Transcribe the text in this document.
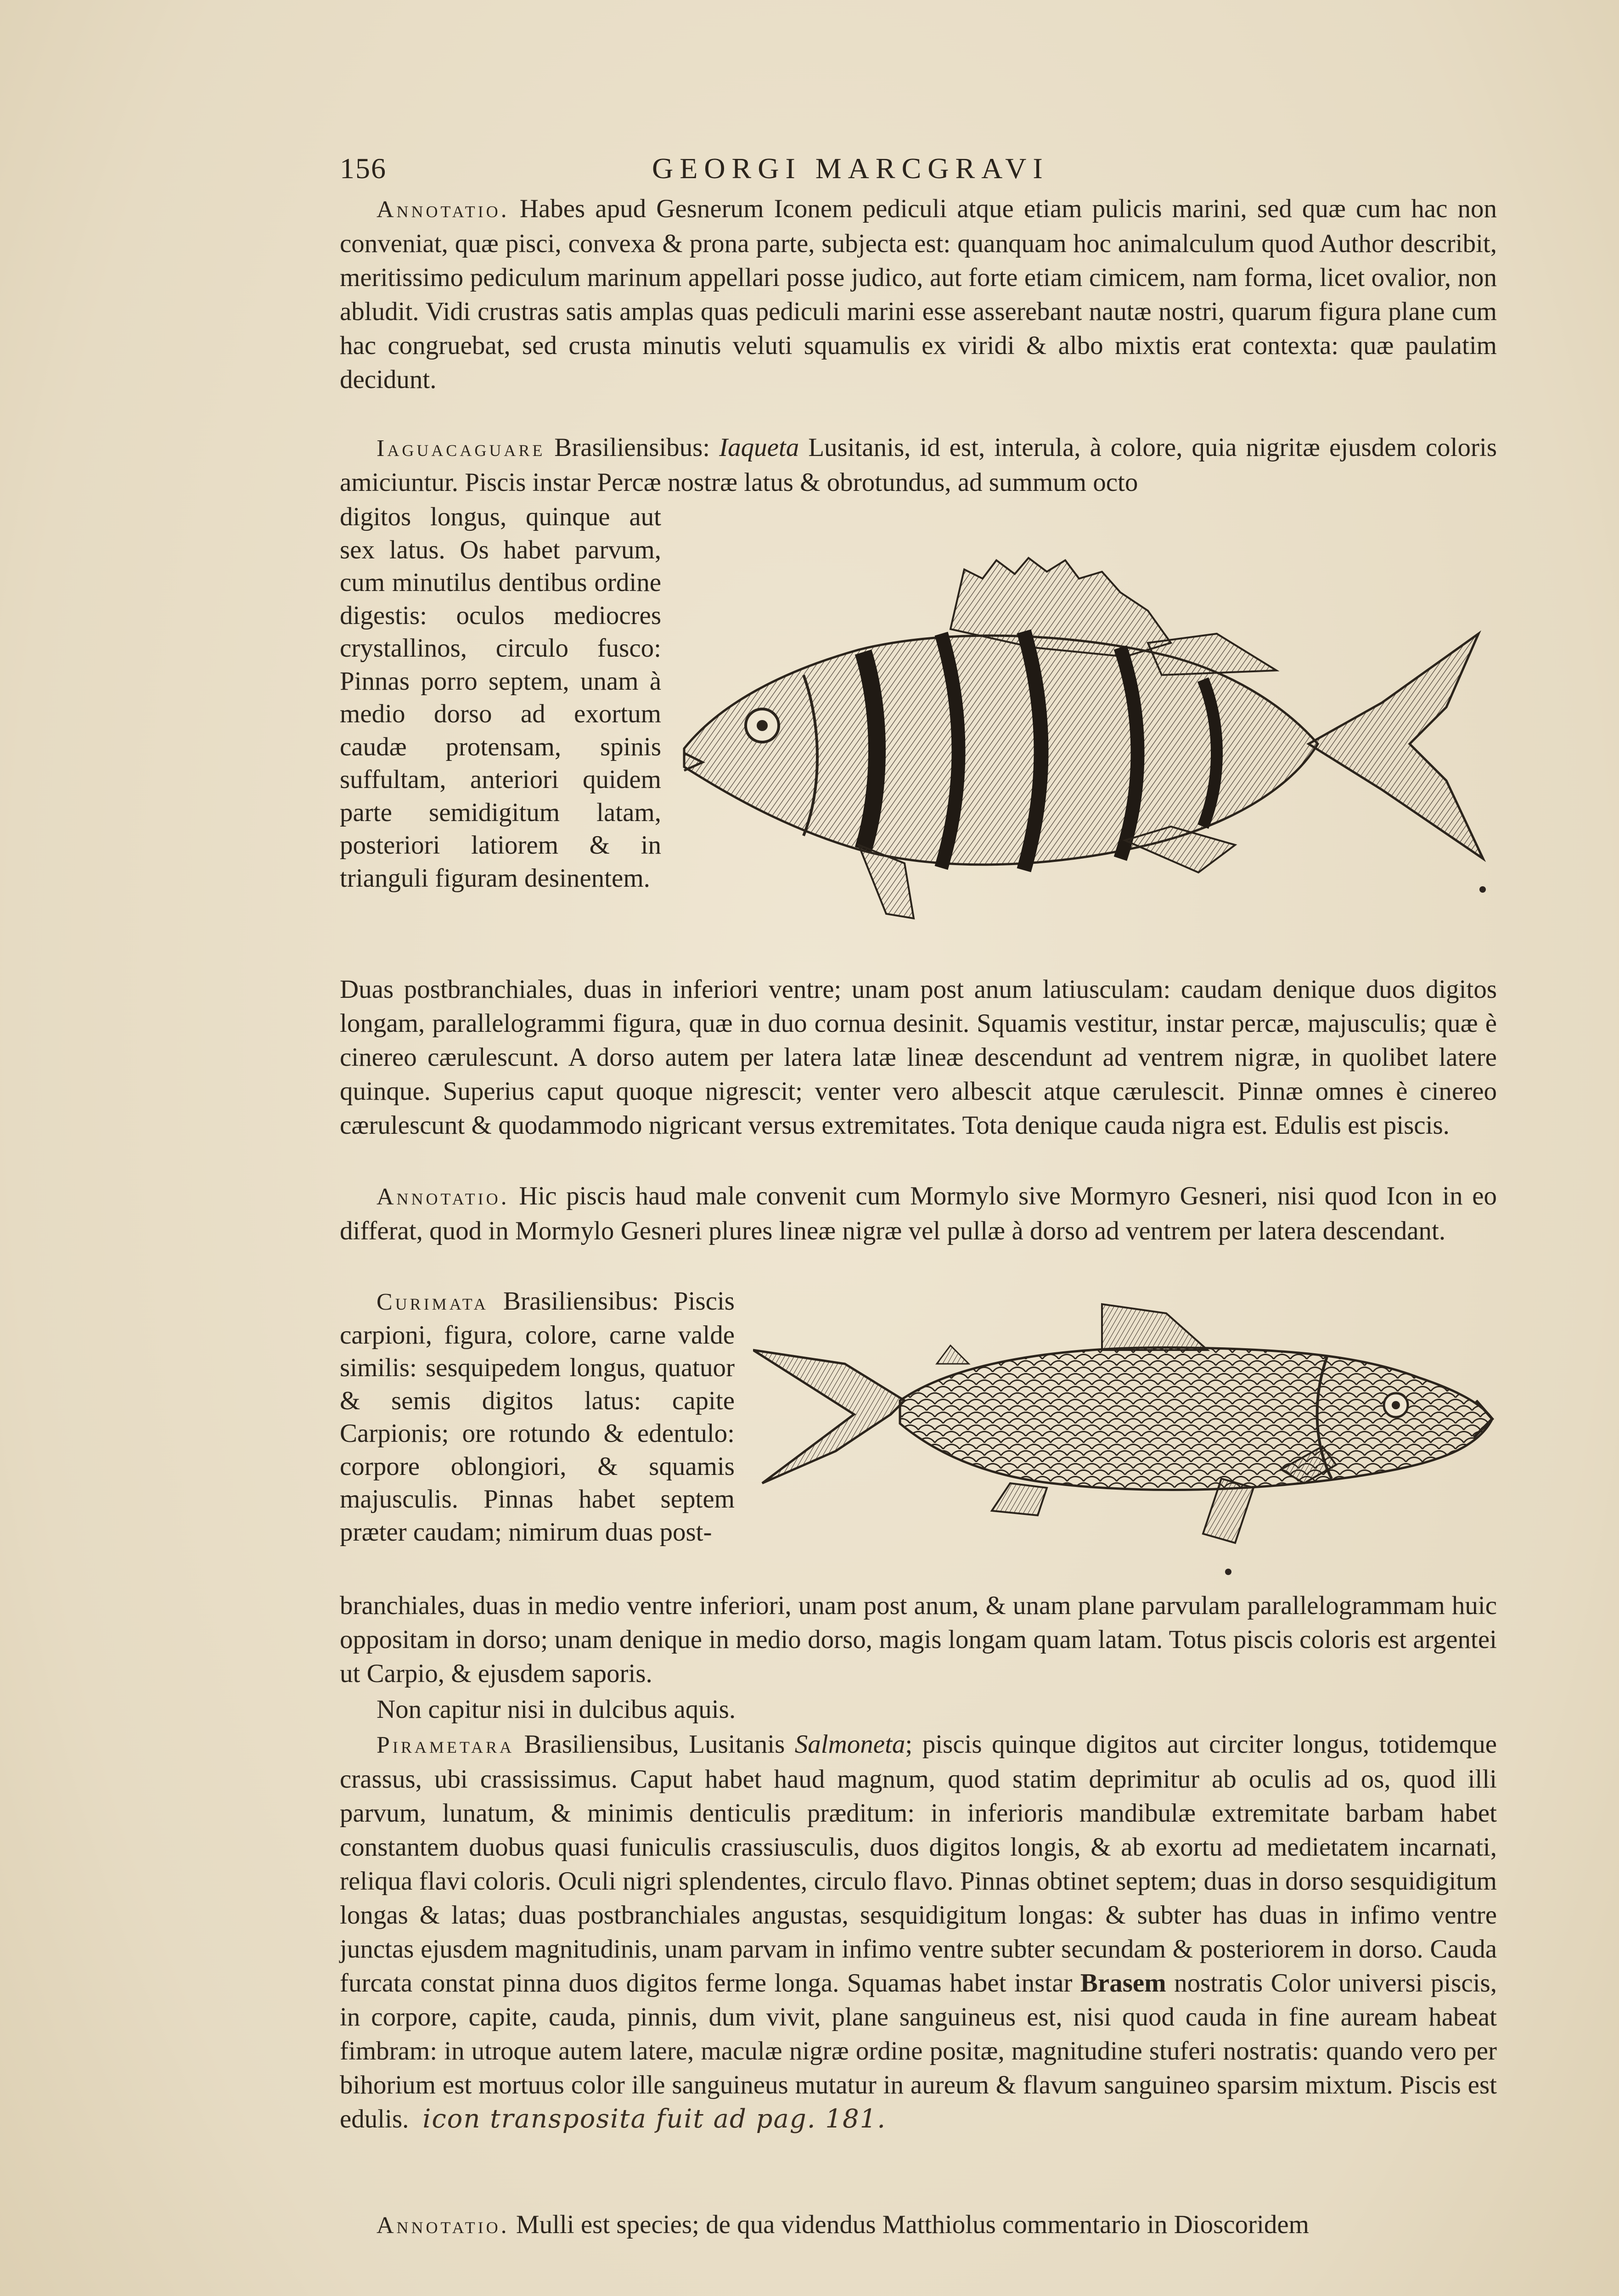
156	GEORGI MARCGRAVI

Annotatio. Habes apud Gesnerum Iconem pediculi atque etiam pulicis marini, sed quæ cum hac non conveniat, quæ pisci, convexa & prona parte, subjecta est: quanquam hoc animalculum quod Author describit, meritissimo pediculum marinum appellari posse judico, aut forte etiam cimicem, nam forma, licet ovalior, non abludit. Vidi crustras satis amplas quas pediculi marini esse asserebant nautæ nostri, quarum figura plane cum hac congruebat, sed crusta minutis veluti squamulis ex viridi & albo mixtis erat contexta: quæ paulatim decidunt.

Iaguacaguare Brasiliensibus: Iaqueta Lusitanis, id est, interula, à colore, quia nigritæ ejusdem coloris amiciuntur. Piscis instar Percæ nostræ latus & obrotundus, ad summum octo

digitos longus, quinque aut sex latus. Os habet parvum, cum minutilus dentibus ordine digestis: oculos mediocres crystallinos, circulo fusco: Pinnas porro septem, unam à medio dorso ad exortum caudæ protensam, spinis suffultam, anteriori quidem parte semidigitum latam, posteriori latiorem & in trianguli figuram desinentem.

Duas postbranchiales, duas in inferiori ventre; unam post anum latiusculam: caudam denique duos digitos longam, parallelogrammi figura, quæ in duo cornua desinit. Squamis vestitur, instar percæ, majusculis; quæ è cinereo cærulescunt. A dorso autem per latera latæ lineæ descendunt ad ventrem nigræ, in quolibet latere quinque. Superius caput quoque nigrescit; venter vero albescit atque cærulescit. Pinnæ omnes è cinereo cærulescunt & quodammodo nigricant versus extremitates. Tota denique cauda nigra est. Edulis est piscis.

Annotatio. Hic piscis haud male convenit cum Mormylo sive Mormyro Gesneri, nisi quod Icon in eo differat, quod in Mormylo Gesneri plures lineæ nigræ vel pullæ à dorso ad ventrem per latera descendant.

Curimata Brasiliensibus: Piscis carpioni, figura, colore, carne valde similis: sesquipedem longus, quatuor & semis digitos latus: capite Carpionis; ore rotundo & edentulo: corpore oblongiori, & squamis majusculis. Pinnas habet septem præter caudam; nimirum duas post-

branchiales, duas in medio ventre inferiori, unam post anum, & unam plane parvulam parallelogrammam huic oppositam in dorso; unam denique in medio dorso, magis longam quam latam. Totus piscis coloris est argentei ut Carpio, & ejusdem saporis.

Non capitur nisi in dulcibus aquis.

Pirametara Brasiliensibus, Lusitanis Salmoneta; piscis quinque digitos aut circiter longus, totidemque crassus, ubi crassissimus. Caput habet haud magnum, quod statim deprimitur ab oculis ad os, quod illi parvum, lunatum, & minimis denticulis præditum: in inferioris mandibulæ extremitate barbam habet constantem duobus quasi funiculis crassiusculis, duos digitos longis, & ab exortu ad medietatem incarnati, reliqua flavi coloris. Oculi nigri splendentes, circulo flavo. Pinnas obtinet septem; duas in dorso sesquidigitum longas & latas; duas postbranchiales angustas, sesquidigitum longas: & subter has duas in infimo ventre junctas ejusdem magnitudinis, unam parvam in infimo ventre subter secundam & posteriorem in dorso. Cauda furcata constat pinna duos digitos ferme longa. Squamas habet instar Brasem nostratis Color universi piscis, in corpore, capite, cauda, pinnis, dum vivit, plane sanguineus est, nisi quod cauda in fine auream habeat fimbram: in utroque autem latere, maculæ nigræ ordine positæ, magnitudine stuferi nostratis: quando vero per bihorium est mortuus color ille sanguineus mutatur in aureum & flavum sanguineo sparsim mixtum. Piscis est edulis. icon transposita fuit ad pag. 181.

Annotatio. Mulli est species; de qua videndus Matthiolus commentario in Dioscoridem
